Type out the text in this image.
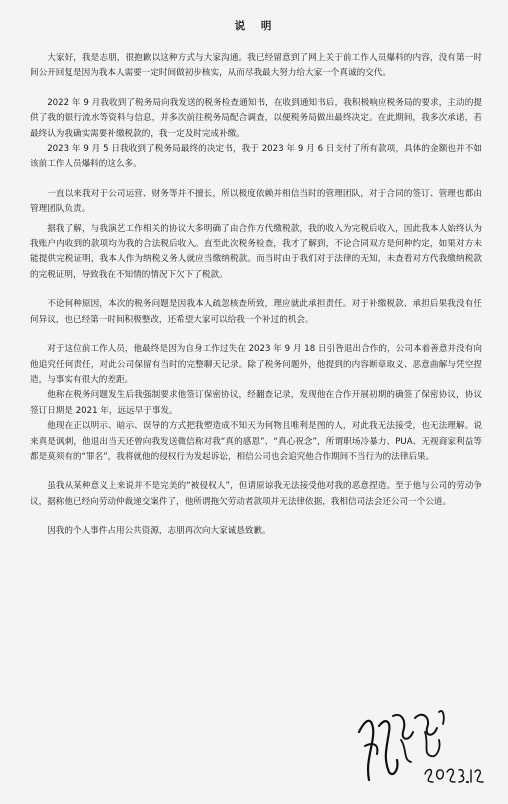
说 明

大家好，我是志朋，很抱歉以这种方式与大家沟通。我已经留意到了网上关于前工作人员爆料的内容，没有第一时间公开回复是因为我本人需要一定时间做初步核实，从而尽我最大努力给大家一个真诚的交代。

2022 年 9 月我收到了税务局向我发送的税务检查通知书，在收到通知书后，我积极响应税务局的要求，主动的提供了我的银行流水等资料与信息，并多次前往税务局配合调查，以便税务局做出最终决定。在此期间，我多次承诺，若最终认为我确实需要补缴税款的，我一定及时完成补缴。

2023 年 9 月 5 日我收到了税务局最终的决定书，我于 2023 年 9 月 6 日支付了所有款项，具体的金额也并不如该前工作人员爆料的这么多。

一直以来我对于公司运营、财务等并不擅长，所以极度依赖并相信当时的管理团队，对于合同的签订、管理也都由管理团队负责。

据我了解，与我演艺工作相关的协议大多明确了由合作方代缴税款，我的收入为完税后收入，因此我本人始终认为我账户内收到的款项均为我的合法税后收入。直至此次税务检查，我才了解到，不论合同双方是何种约定，如果对方未能提供完税证明，我本人作为纳税义务人就应当缴纳税款。而当时由于我们对于法律的无知，未查看对方代我缴纳税款的完税证明，导致我在不知情的情况下欠下了税款。

不论何种原因，本次的税务问题是因我本人疏忽核查所致，理应就此承担责任。对于补缴税款、承担后果我没有任何异议，也已经第一时间积极整改，还希望大家可以给我一个补过的机会。

对于这位前工作人员，他最终是因为自身工作过失在 2023 年 9 月 18 日引咎退出合作的，公司本着善意并没有向他追究任何责任，对此公司保留有当时的完整聊天记录。除了税务问题外，他提到的内容断章取义、恶意曲解与凭空捏造，与事实有很大的差距。

他称在税务问题发生后我强制要求他签订保密协议，经翻查记录，发现他在合作开展初期的确签了保密协议，协议签订日期是 2021 年，远远早于事发。

他现在正以明示、暗示、误导的方式把我塑造成不知天为何物且唯利是图的人，对此我无法接受，也无法理解。说来真是讽刺，他退出当天还曾向我发送微信称对我“真的感恩”、“真心祝念”，所谓职场冷暴力、PUA、无视商家利益等都是莫须有的“罪名”，我将就他的侵权行为发起诉讼，相信公司也会追究他合作期间不当行为的法律后果。

虽我从某种意义上来说并不是完美的“被侵权人”，但请原谅我无法接受他对我的恶意捏造。至于他与公司的劳动争议，据称他已经向劳动仲裁递交案件了，他所谓拖欠劳动者款项并无法律依据，我相信司法会还公司一个公道。

因我的个人事件占用公共资源，志朋再次向大家诚恳致歉。
